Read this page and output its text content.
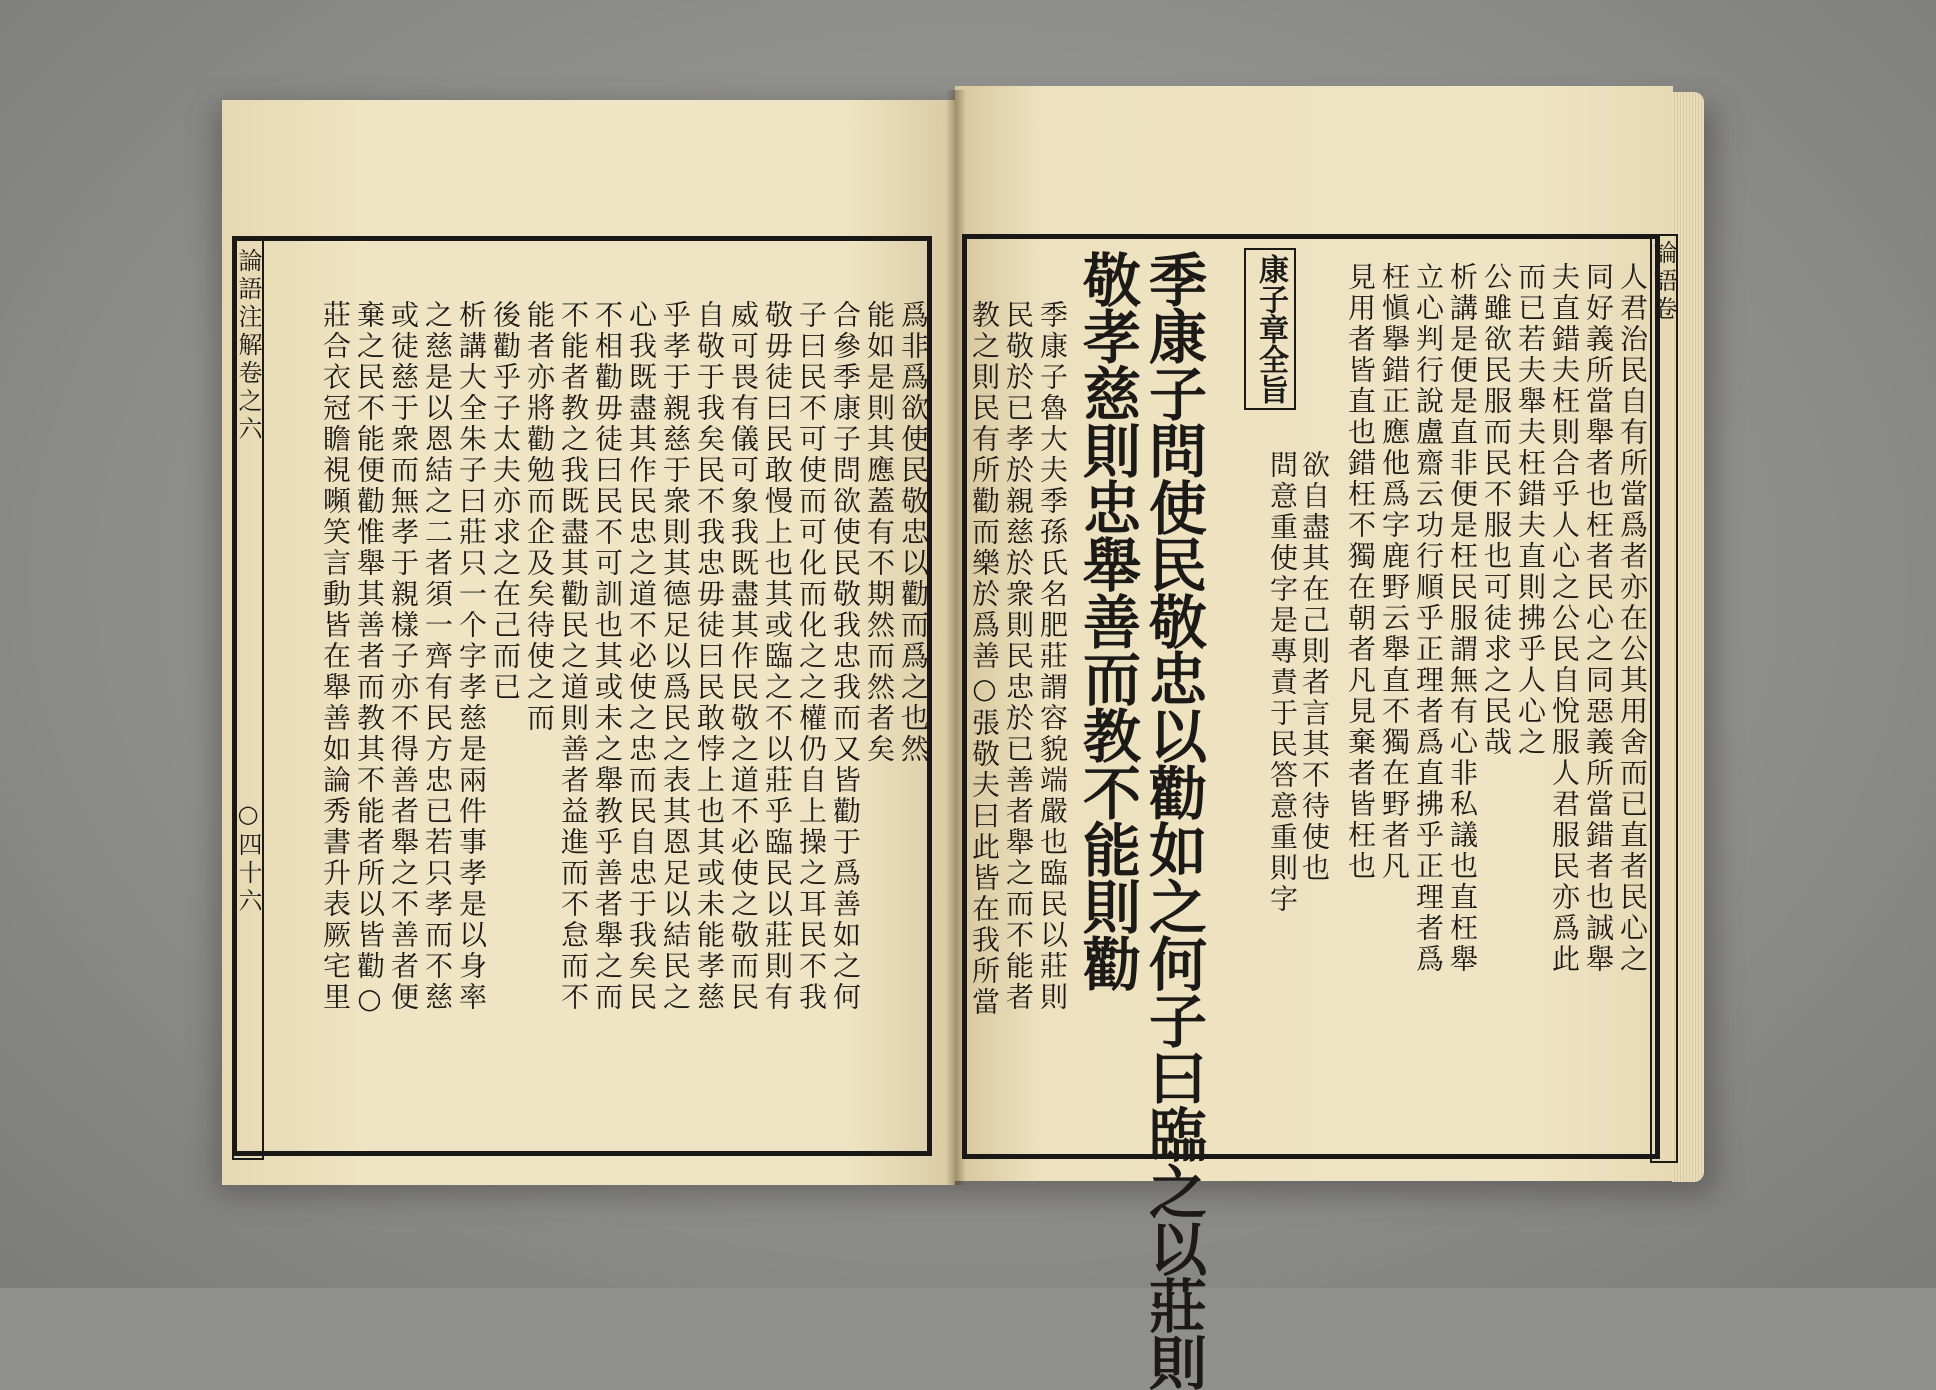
論語注解卷之六
○四十六
爲非爲欲使民敬忠以勸而爲之也然
能如是則其應蓋有不期然而然者矣
合參季康子問欲使民敬我忠我而又皆勸于爲善如之何
子曰民不可使而可化而化之之權仍自上操之耳民不我
敬毋徒曰民敢慢上也其或臨之不以莊乎臨民以莊則有
威可畏有儀可象我既盡其作民敬之道不必使之敬而民
自敬于我矣民不我忠毋徒曰民敢悖上也其或未能孝慈
乎孝于親慈于衆則其德足以爲民之表其恩足以結民之
心我既盡其作民忠之道不必使之忠而民自忠于我矣民
不相勸毋徒曰民不可訓也其或未之舉教乎善者舉之而
不能者教之我既盡其勸民之道則善者益進而不怠而不
能者亦將勸勉而企及矣待使之而
後勸乎子太夫亦求之在己而已
析講大全朱子曰莊只一个字孝慈是兩件事孝是以身率
之慈是以恩結之二者須一齊有民方忠已若只孝而不慈
或徒慈于衆而無孝于親樣子亦不得善者舉之不善者便
棄之民不能便勸惟舉其善者而教其不能者所以皆勸○
莊合衣冠瞻視嚬笑言動皆在舉善如論秀書升表厥宅里
論語卷
人君治民自有所當爲者亦在公其用舍而已直者民心之
同好義所當舉者也枉者民心之同惡義所當錯者也誠舉
夫直錯夫枉則合乎人心之公民自悅服人君服民亦爲此
而已若夫舉夫枉錯夫直則拂乎人心之
公雖欲民服而民不服也可徒求之民哉
析講是便是直非便是枉民服謂無有心非私議也直枉舉
立心判行說盧齋云功行順乎正理者爲直拂乎正理者爲
枉愼擧錯正應他爲字鹿野云舉直不獨在野者凡
見用者皆直也錯枉不獨在朝者凡見棄者皆枉也
康子章全旨
欲自盡其在己則者言其不待使也
問意重使字是專責于民答意重則字
季康子問使民敬忠以勸如之何子曰臨之以莊則
敬孝慈則忠舉善而教不能則勸
季康子魯大夫季孫氏名肥莊謂容貌端嚴也臨民以莊則
民敬於已孝於親慈於衆則民忠於已善者舉之而不能者
教之則民有所勸而樂於爲善○張敬夫曰此皆在我所當
